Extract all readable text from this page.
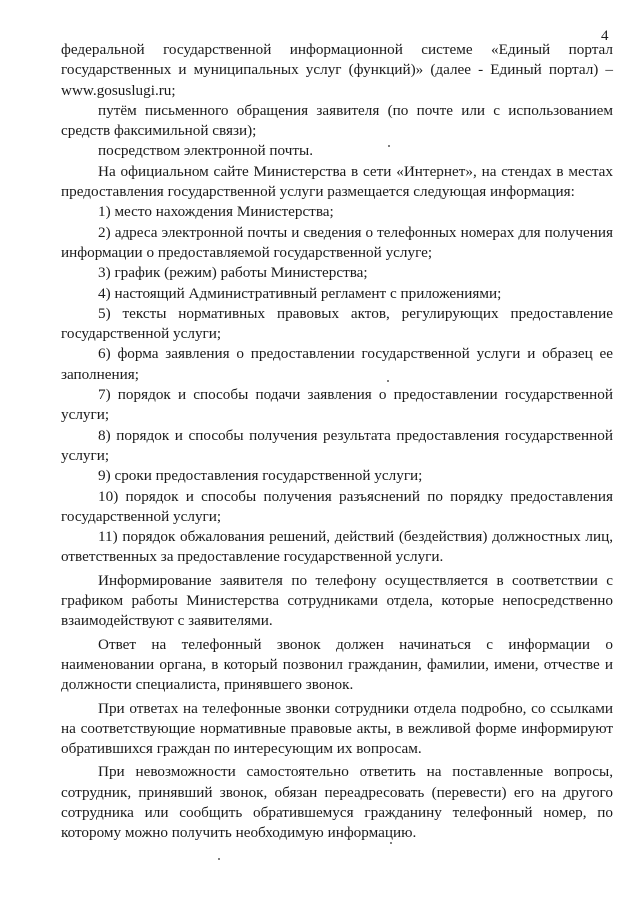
4

федеральной государственной информационной системе «Единый портал государственных и муниципальных услуг (функций)» (далее - Единый портал) – www.gosuslugi.ru;

путём письменного обращения заявителя (по почте или с использованием средств факсимильной связи);

посредством электронной почты.

На официальном сайте Министерства в сети «Интернет», на стендах в местах предоставления государственной услуги размещается следующая информация:

1) место нахождения Министерства;

2) адреса электронной почты и сведения о телефонных номерах для получения информации о предоставляемой государственной услуге;

3) график (режим) работы Министерства;

4) настоящий Административный регламент с приложениями;

5) тексты нормативных правовых актов, регулирующих предоставление государственной услуги;

6) форма заявления о предоставлении государственной услуги и образец ее заполнения;

7) порядок и способы подачи заявления о предоставлении государственной услуги;

8) порядок и способы получения результата предоставления государственной услуги;

9) сроки предоставления государственной услуги;

10) порядок и способы получения разъяснений по порядку предоставления государственной услуги;

11) порядок обжалования решений, действий (бездействия) должностных лиц, ответственных за предоставление государственной услуги.

Информирование заявителя по телефону осуществляется в соответствии с графиком работы Министерства сотрудниками отдела, которые непосредственно взаимодействуют с заявителями.

Ответ на телефонный звонок должен начинаться с информации о наименовании органа, в который позвонил гражданин, фамилии, имени, отчестве и должности специалиста, принявшего звонок.

При ответах на телефонные звонки сотрудники отдела подробно, со ссылками на соответствующие нормативные правовые акты, в вежливой форме информируют обратившихся граждан по интересующим их вопросам.

При невозможности самостоятельно ответить на поставленные вопросы, сотрудник, принявший звонок, обязан переадресовать (перевести) его на другого сотрудника или сообщить обратившемуся гражданину телефонный номер, по которому можно получить необходимую информацию.
